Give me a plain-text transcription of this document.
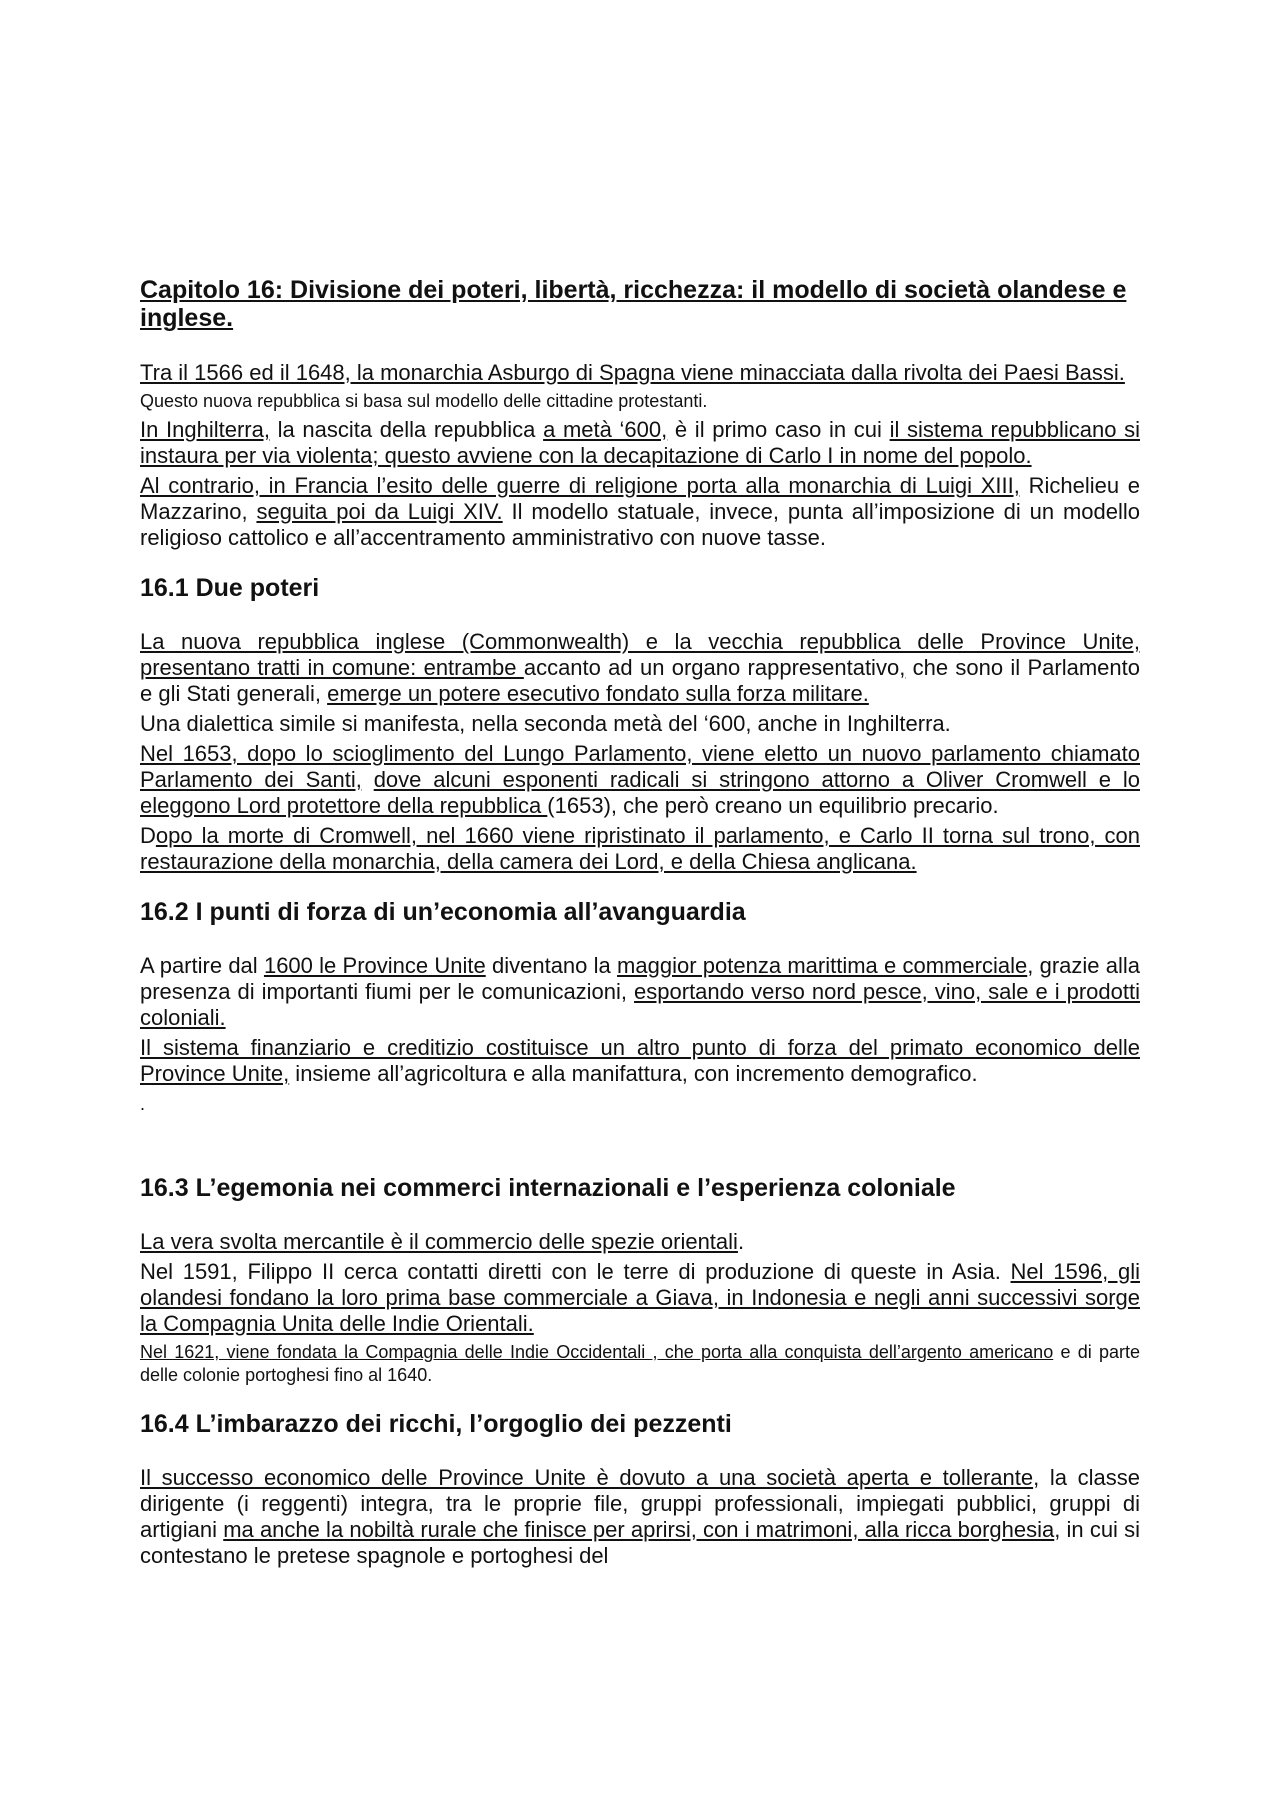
Capitolo 16: Divisione dei poteri, libertà, ricchezza: il modello di società olandese e inglese.

Tra il 1566 ed il 1648, la monarchia Asburgo di Spagna viene minacciata dalla rivolta dei Paesi Bassi.

Questo nuova repubblica si basa sul modello delle cittadine protestanti.

In Inghilterra, la nascita della repubblica a metà ‘600, è il primo caso in cui il sistema repubblicano si instaura per via violenta; questo avviene con la decapitazione di Carlo I in nome del popolo.

Al contrario, in Francia l’esito delle guerre di religione porta alla monarchia di Luigi XIII, Richelieu e Mazzarino, seguita poi da Luigi XIV. Il modello statuale, invece, punta all’imposizione di un modello religioso cattolico e all’accentramento amministrativo con nuove tasse.

16.1 Due poteri

La nuova repubblica inglese (Commonwealth) e la vecchia repubblica delle Province Unite, presentano tratti in comune: entrambe accanto ad un organo rappresentativo, che sono il Parlamento e gli Stati generali, emerge un potere esecutivo fondato sulla forza militare.

Una dialettica simile si manifesta, nella seconda metà del ‘600, anche in Inghilterra.

Nel 1653, dopo lo scioglimento del Lungo Parlamento, viene eletto un nuovo parlamento chiamato Parlamento dei Santi, dove alcuni esponenti radicali si stringono attorno a Oliver Cromwell e lo eleggono Lord protettore della repubblica (1653), che però creano un equilibrio precario.

Dopo la morte di Cromwell, nel 1660 viene ripristinato il parlamento, e Carlo II torna sul trono, con restaurazione della monarchia, della camera dei Lord, e della Chiesa anglicana.

16.2 I punti di forza di un’economia all’avanguardia

A partire dal 1600 le Province Unite diventano la maggior potenza marittima e commerciale, grazie alla presenza di importanti fiumi per le comunicazioni, esportando verso nord pesce, vino, sale e i prodotti coloniali.

Il sistema finanziario e creditizio costituisce un altro punto di forza del primato economico delle Province Unite, insieme all’agricoltura e alla manifattura, con incremento demografico.

.
16.3 L’egemonia nei commerci internazionali e l’esperienza coloniale

La vera svolta mercantile è il commercio delle spezie orientali.

Nel 1591, Filippo II cerca contatti diretti con le terre di produzione di queste in Asia. Nel 1596, gli olandesi fondano la loro prima base commerciale a Giava, in Indonesia e negli anni successivi sorge la Compagnia Unita delle Indie Orientali.

Nel 1621, viene fondata la Compagnia delle Indie Occidentali , che porta alla conquista dell’argento americano e di parte delle colonie portoghesi fino al 1640.

16.4 L’imbarazzo dei ricchi, l’orgoglio dei pezzenti

Il successo economico delle Province Unite è dovuto a una società aperta e tollerante, la classe dirigente (i reggenti) integra, tra le proprie file, gruppi professionali, impiegati pubblici, gruppi di artigiani ma anche la nobiltà rurale che finisce per aprirsi, con i matrimoni, alla ricca borghesia, in cui si contestano le pretese spagnole e portoghesi del
